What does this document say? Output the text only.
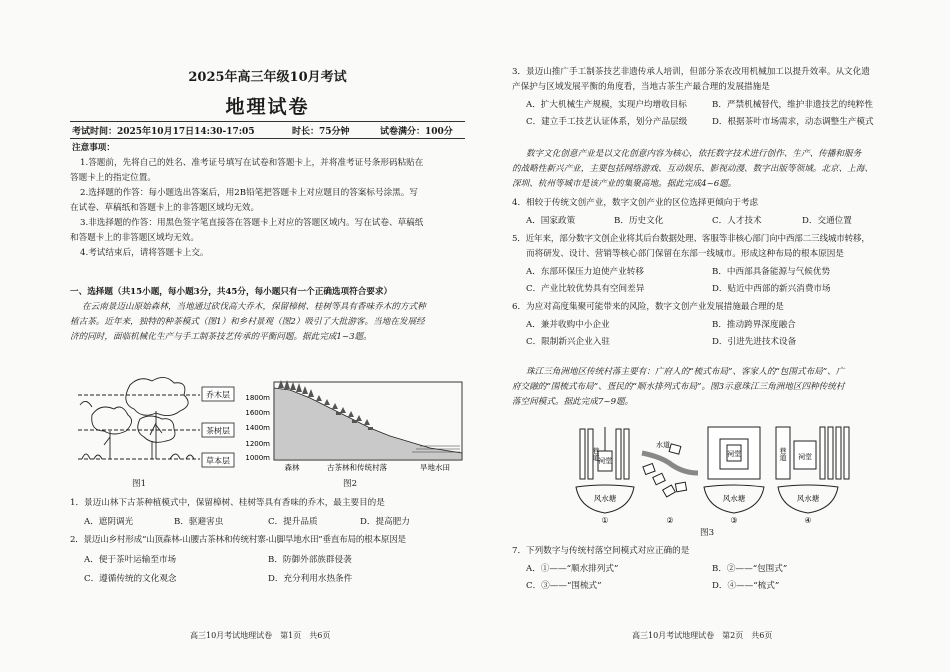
2025年高三年级10月考试
地理试卷
考试时间：2025年10月17日14:30-17:05	时长：75分钟	试卷满分：100分
注意事项：
1.答题前，先将自己的姓名、准考证号填写在试卷和答题卡上，并将准考证号条形码粘贴在
答题卡上的指定位置。
2.选择题的作答：每小题选出答案后，用2B铅笔把答题卡上对应题目的答案标号涂黑。写
在试卷、草稿纸和答题卡上的非答题区域均无效。
3.非选择题的作答：用黑色签字笔直接答在答题卡上对应的答题区域内。写在试卷、草稿纸
和答题卡上的非答题区域均无效。
4.考试结束后，请将答题卡上交。
一、选择题（共15小题，每小题3分，共45分，每小题只有一个正确选项符合要求）
在云南景迈山原始森林，当地通过砍伐高大乔木，保留樟树、桂树等具有香味乔木的方式种
植古茶。近年来，独特的种茶模式（图1）和乡村景观（图2）吸引了大批游客。当地在发展经
济的同时，面临机械化生产与手工制茶技艺传承的平衡问题。据此完成1~3题。
乔木层
茶树层
草本层
图1
1800m
1600m
1400m
1200m
1000m
森林	古茶林和传统村落	旱地水田
图2
1．景迈山林下古茶种植模式中，保留樟树、桂树等具有香味的乔木，最主要目的是
A．遮阴调光	B．驱避害虫	C．提升品质	D．提高肥力
2．景迈山乡村形成“山顶森林-山腰古茶林和传统村寨-山脚旱地水田”垂直布局的根本原因是
A．便于茶叶运输至市场	B．防御外部族群侵袭
C．遵循传统的文化观念	D．充分利用水热条件
高三10月考试地理试卷　第1页　共6页
3．景迈山推广手工制茶技艺非遗传承人培训，但部分茶农改用机械加工以提升效率。从文化遗
产保护与区域发展平衡的角度看，当地古茶生产最合理的发展措施是
A．扩大机械生产规模，实现户均增收目标	B．严禁机械替代，维护非遗技艺的纯粹性
C．建立手工技艺认证体系，划分产品层级	D．根据茶叶市场需求，动态调整生产模式
数字文化创意产业是以文化创意内容为核心，依托数字技术进行创作、生产、传播和服务
的战略性新兴产业，主要包括网络游戏、互动娱乐、影视动漫、数字出版等领域。北京、上海、
深圳、杭州等城市是该产业的集聚高地。据此完成4~6题。
4．相较于传统文创产业，数字文创产业的区位选择更倾向于考虑
A．国家政策	B．历史文化	C．人才技术	D．交通位置
5．近年来，部分数字文创企业将其后台数据处理、客服等非核心部门向中西部二三线城市转移，
而将研发、设计、营销等核心部门保留在东部一线城市。形成这种布局的根本原因是
A．东部环保压力迫使产业转移	B．中西部具备能源与气候优势
C．产业比较优势具有空间差异	D．贴近中西部的新兴消费市场
6．为应对高度集聚可能带来的风险，数字文创产业发展措施最合理的是
A．兼并收购中小企业	B．推动跨界深度融合
C．限制新兴企业入驻	D．引进先进技术设备
珠江三角洲地区传统村落主要有：广府人的“梳式布局”、客家人的“包围式布局”、广
府交融的“围梳式布局”、疍民的“顺水排列式布局”。图3示意珠江三角洲地区四种传统村
落空间模式。据此完成7~9题。
巷道
祠堂
水道
祠堂	巷道 祠堂
风水塘	风水塘	风水塘
①	②	③	④
图3
7．下列数字与传统村落空间模式对应正确的是
A．①——“顺水排列式”	B．②——“包围式”
C．③——“围梳式”	D．④——“梳式”
高三10月考试地理试卷　第2页　共6页
